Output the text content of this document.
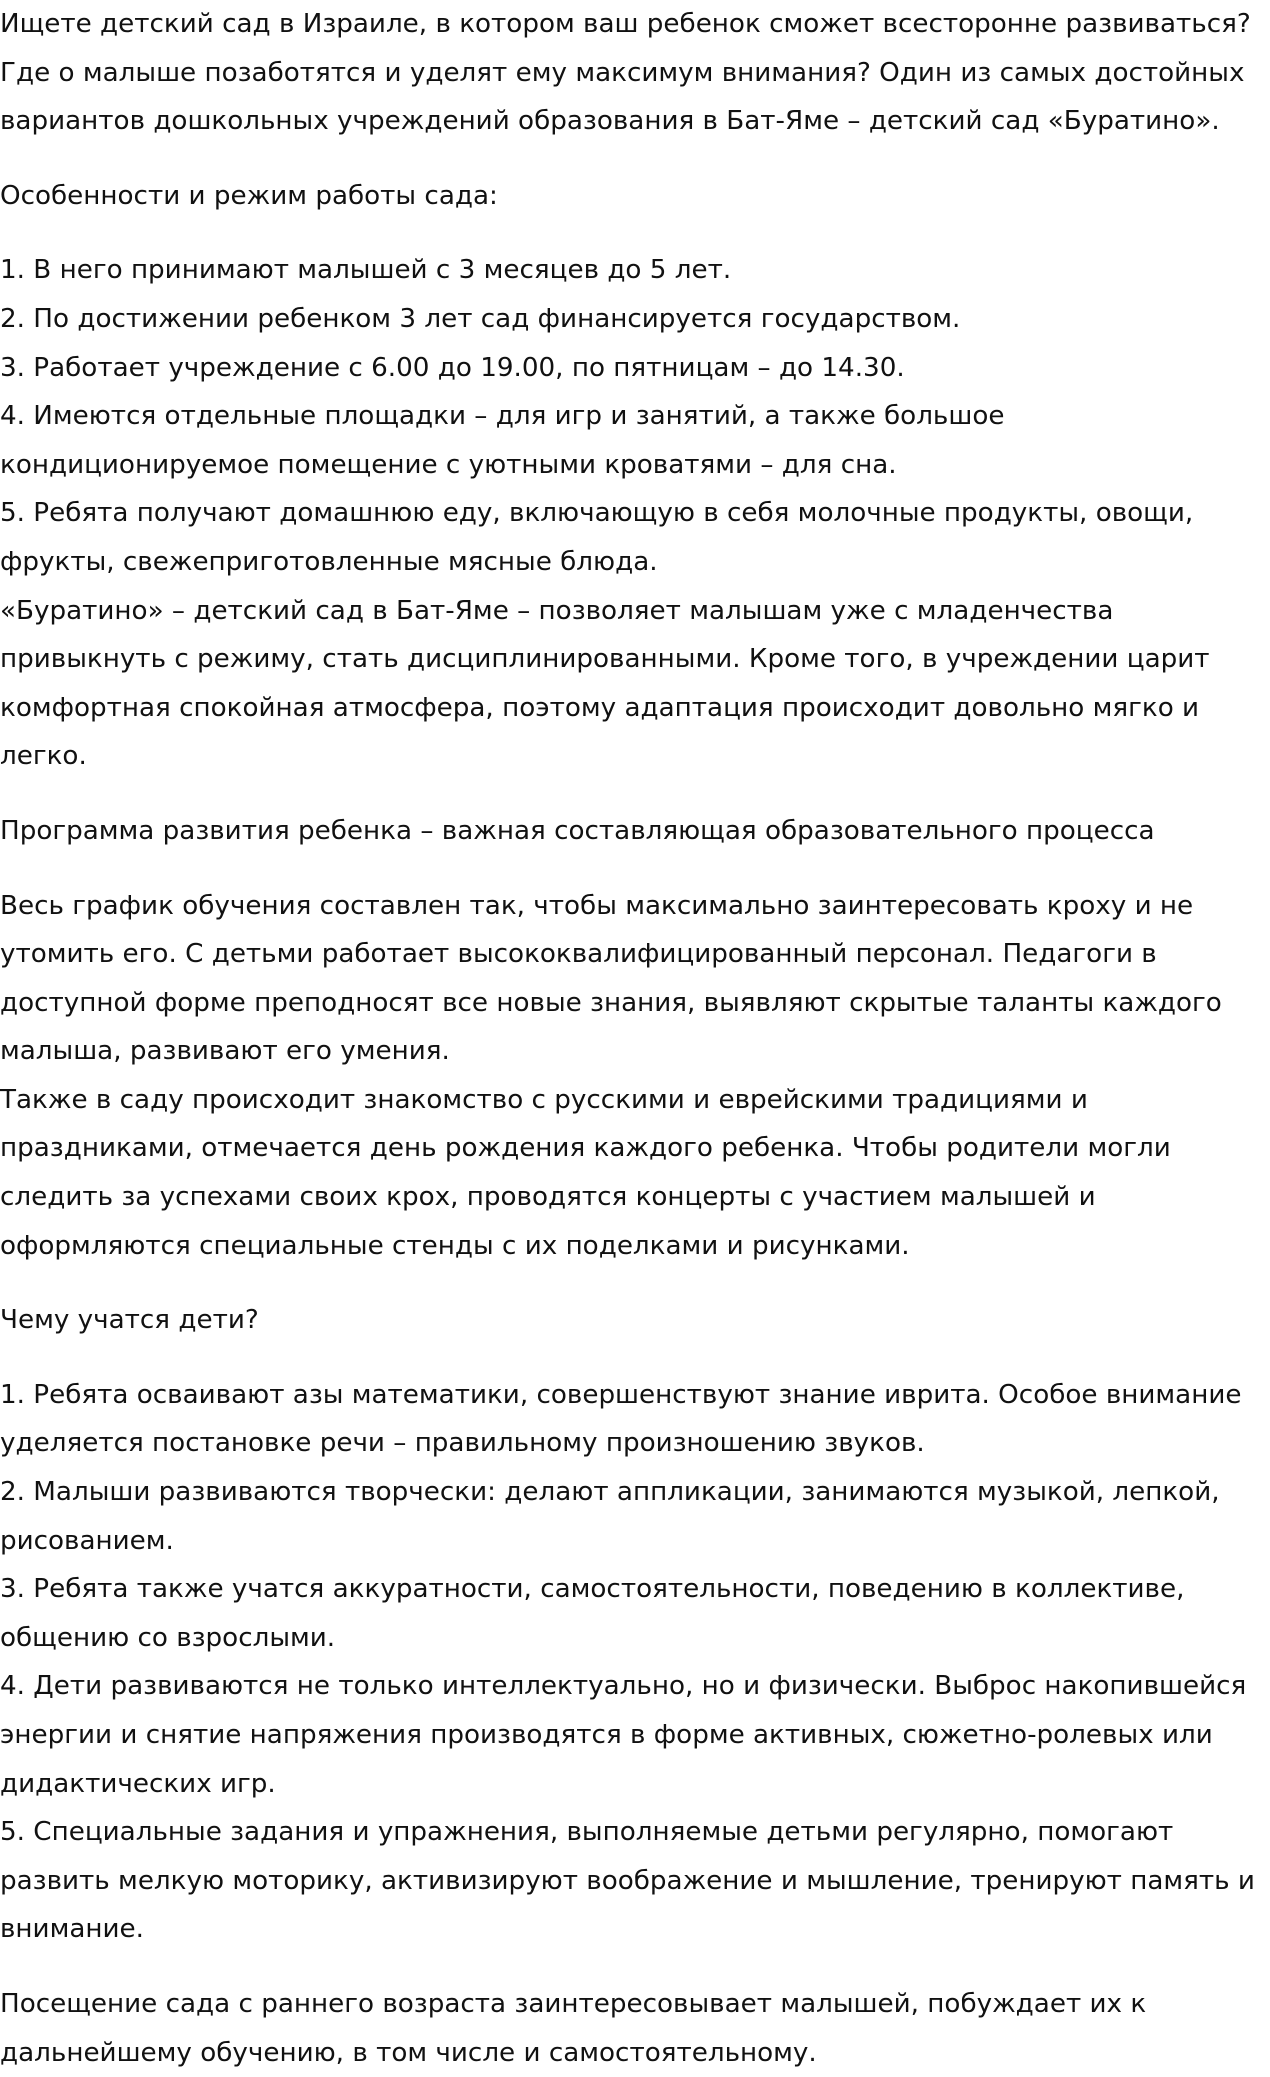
Ищете детский сад в Израиле, в котором ваш ребенок сможет всесторонне развиваться?
Где о малыше позаботятся и уделят ему максимум внимания? Один из самых достойных
вариантов дошкольных учреждений образования в Бат-Яме – детский сад «Буратино».

Особенности и режим работы сада:

1. В него принимают малышей с 3 месяцев до 5 лет.
2. По достижении ребенком 3 лет сад финансируется государством.
3. Работает учреждение с 6.00 до 19.00, по пятницам – до 14.30.
4. Имеются отдельные площадки – для игр и занятий, а также большое
кондиционируемое помещение с уютными кроватями – для сна.
5. Ребята получают домашнюю еду, включающую в себя молочные продукты, овощи,
фрукты, свежеприготовленные мясные блюда.
«Буратино» – детский сад в Бат-Яме – позволяет малышам уже с младенчества
привыкнуть с режиму, стать дисциплинированными. Кроме того, в учреждении царит
комфортная спокойная атмосфера, поэтому адаптация происходит довольно мягко и
легко.

Программа развития ребенка – важная составляющая образовательного процесса

Весь график обучения составлен так, чтобы максимально заинтересовать кроху и не
утомить его. С детьми работает высококвалифицированный персонал. Педагоги в
доступной форме преподносят все новые знания, выявляют скрытые таланты каждого
малыша, развивают его умения.
Также в саду происходит знакомство с русскими и еврейскими традициями и
праздниками, отмечается день рождения каждого ребенка. Чтобы родители могли
следить за успехами своих крох, проводятся концерты с участием малышей и
оформляются специальные стенды с их поделками и рисунками.

Чему учатся дети?

1. Ребята осваивают азы математики, совершенствуют знание иврита. Особое внимание
уделяется постановке речи – правильному произношению звуков.
2. Малыши развиваются творчески: делают аппликации, занимаются музыкой, лепкой,
рисованием.
3. Ребята также учатся аккуратности, самостоятельности, поведению в коллективе,
общению со взрослыми.
4. Дети развиваются не только интеллектуально, но и физически. Выброс накопившейся
энергии и снятие напряжения производятся в форме активных, сюжетно-ролевых или
дидактических игр.
5. Специальные задания и упражнения, выполняемые детьми регулярно, помогают
развить мелкую моторику, активизируют воображение и мышление, тренируют память и
внимание.

Посещение сада с раннего возраста заинтересовывает малышей, побуждает их к
дальнейшему обучению, в том числе и самостоятельному.
